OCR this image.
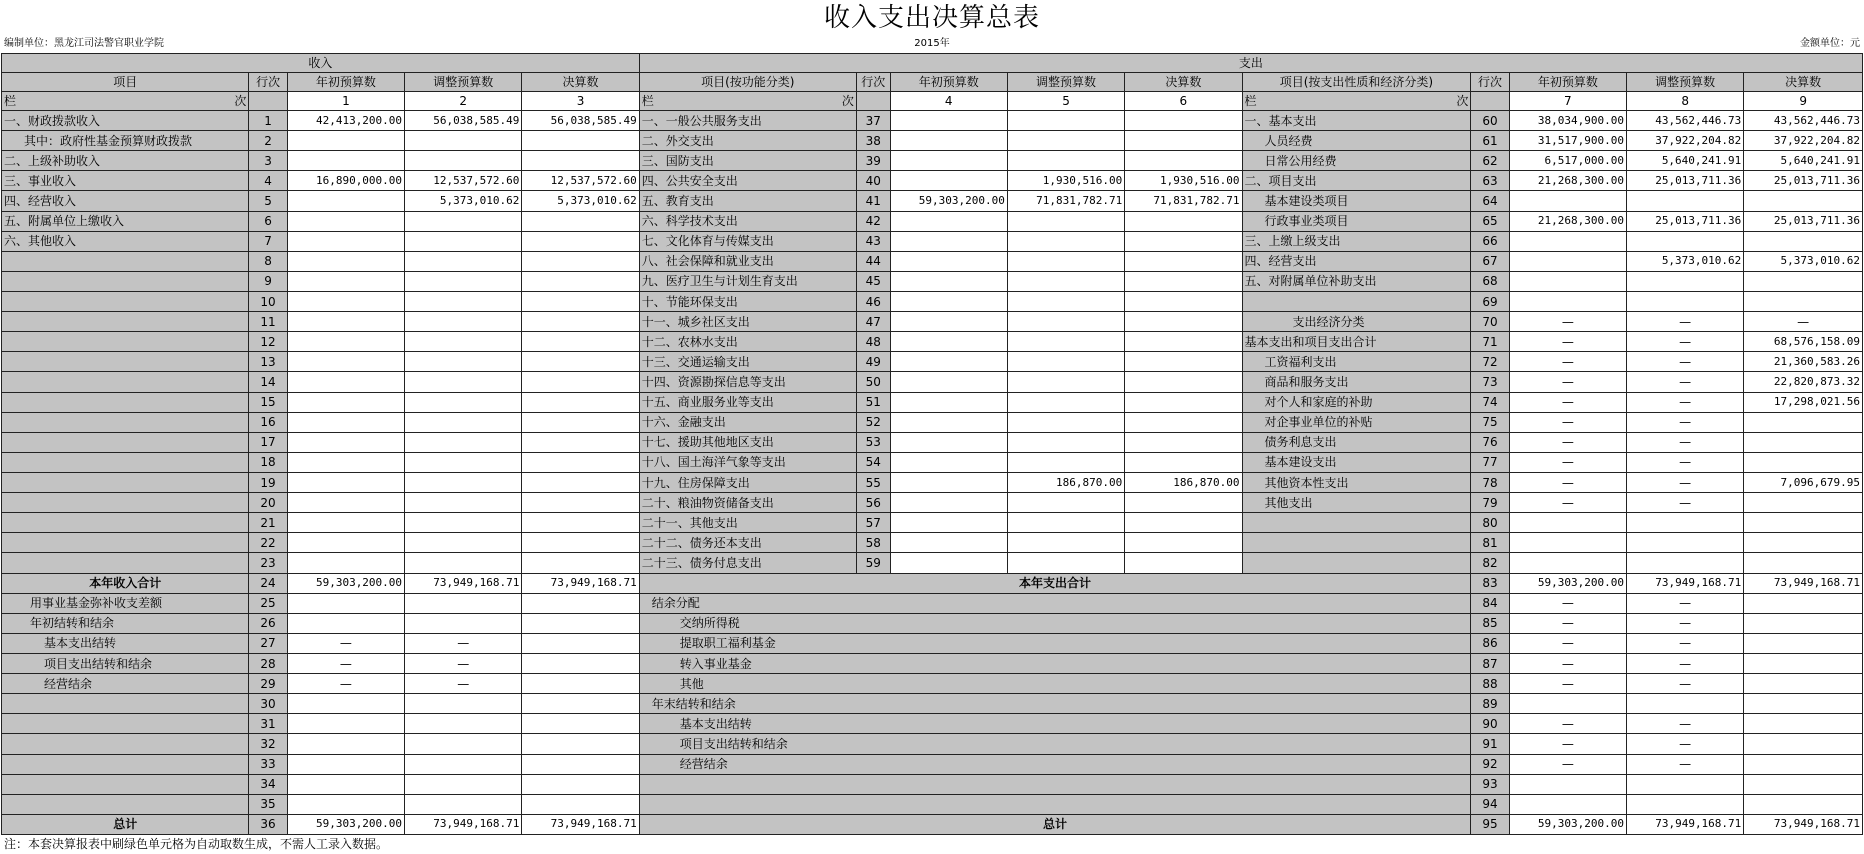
收入支出决算总表
编制单位：黑龙江司法警官职业学院	2015年	金额单位：元
收入					支出									
项目	行次	年初预算数	调整预算数	决算数	项目(按功能分类)	行次	年初预算数	调整预算数	决算数	项目(按支出性质和经济分类)	行次	年初预算数	调整预算数	决算数

栏 次		1	2	3	栏 次		4	5	6	栏 次		7	8	9
一、财政拨款收入	1	42,413,200.00	56,038,585.49	56,038,585.49	一、一般公共服务支出	37				一、基本支出	60	38,034,900.00	43,562,446.73	43,562,446.73
其中：政府性基金预算财政拨款	2				二、外交支出	38				人员经费	61	31,517,900.00	37,922,204.82	37,922,204.82
二、上级补助收入	3				三、国防支出	39				日常公用经费	62	6,517,000.00	5,640,241.91	5,640,241.91
三、事业收入	4	16,890,000.00	12,537,572.60	12,537,572.60	四、公共安全支出	40		1,930,516.00	1,930,516.00	二、项目支出	63	21,268,300.00	25,013,711.36	25,013,711.36
四、经营收入	5		5,373,010.62	5,373,010.62	五、教育支出	41	59,303,200.00	71,831,782.71	71,831,782.71	基本建设类项目	64			
五、附属单位上缴收入	6				六、科学技术支出	42				行政事业类项目	65	21,268,300.00	25,013,711.36	25,013,711.36
六、其他收入	7				七、文化体育与传媒支出	43				三、上缴上级支出	66			
	8				八、社会保障和就业支出	44				四、经营支出	67		5,373,010.62	5,373,010.62
	9				九、医疗卫生与计划生育支出	45				五、对附属单位补助支出	68			
	10				十、节能环保支出	46					69			
	11				十一、城乡社区支出	47				支出经济分类	70	—	—	—
	12				十二、农林水支出	48				基本支出和项目支出合计	71	—	—	68,576,158.09
	13				十三、交通运输支出	49				工资福利支出	72	—	—	21,360,583.26
	14				十四、资源勘探信息等支出	50				商品和服务支出	73	—	—	22,820,873.32
	15				十五、商业服务业等支出	51				对个人和家庭的补助	74	—	—	17,298,021.56
	16				十六、金融支出	52				对企事业单位的补贴	75	—	—	
	17				十七、援助其他地区支出	53				债务利息支出	76	—	—	
	18				十八、国土海洋气象等支出	54				基本建设支出	77	—	—	
	19				十九、住房保障支出	55		186,870.00	186,870.00	其他资本性支出	78	—	—	7,096,679.95
	20				二十、粮油物资储备支出	56				其他支出	79	—	—	
	21				二十一、其他支出	57					80			
	22				二十二、债务还本支出	58					81			
	23				二十三、债务付息支出	59					82			
本年收入合计	24	59,303,200.00	73,949,168.71	73,949,168.71	本年支出合计						83	59,303,200.00	73,949,168.71	73,949,168.71
用事业基金弥补收支差额	25				结余分配						84	—	—	
年初结转和结余	26				交纳所得税						85	—	—	
基本支出结转	27	—	—		提取职工福利基金						86	—	—	
项目支出结转和结余	28	—	—		转入事业基金						87	—	—	
经营结余	29	—	—		其他						88	—	—	
	30				年末结转和结余						89			
	31				基本支出结转						90	—	—	
	32				项目支出结转和结余						91	—	—	
	33				经营结余						92	—	—	
	34										93			
	35										94			
总计	36	59,303,200.00	73,949,168.71	73,949,168.71	总计						95	59,303,200.00	73,949,168.71	73,949,168.71
注：本套决算报表中刷绿色单元格为自动取数生成，不需人工录入数据。
